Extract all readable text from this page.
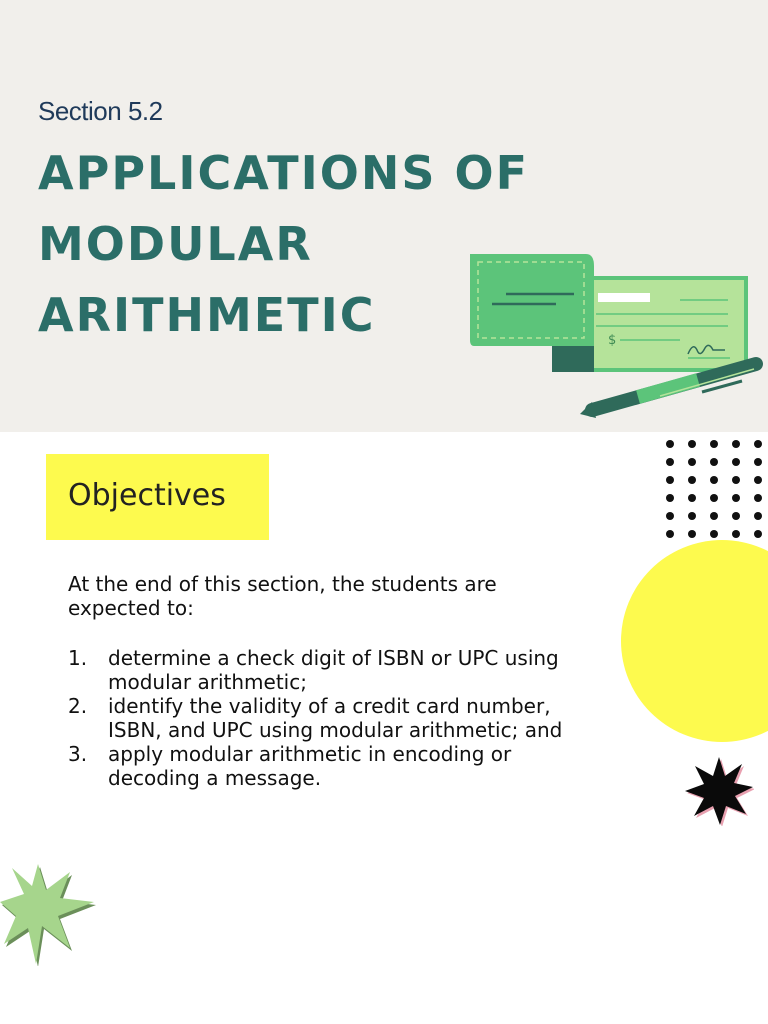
Section 5.2
APPLICATIONS OF
MODULAR
ARITHMETIC	$
Objectives
At the end of this section, the students are expected to:
1. determine a check digit of ISBN or UPC using modular arithmetic;
2. identify the validity of a credit card number, ISBN, and UPC using modular arithmetic; and
3. apply modular arithmetic in encoding or decoding a message.
